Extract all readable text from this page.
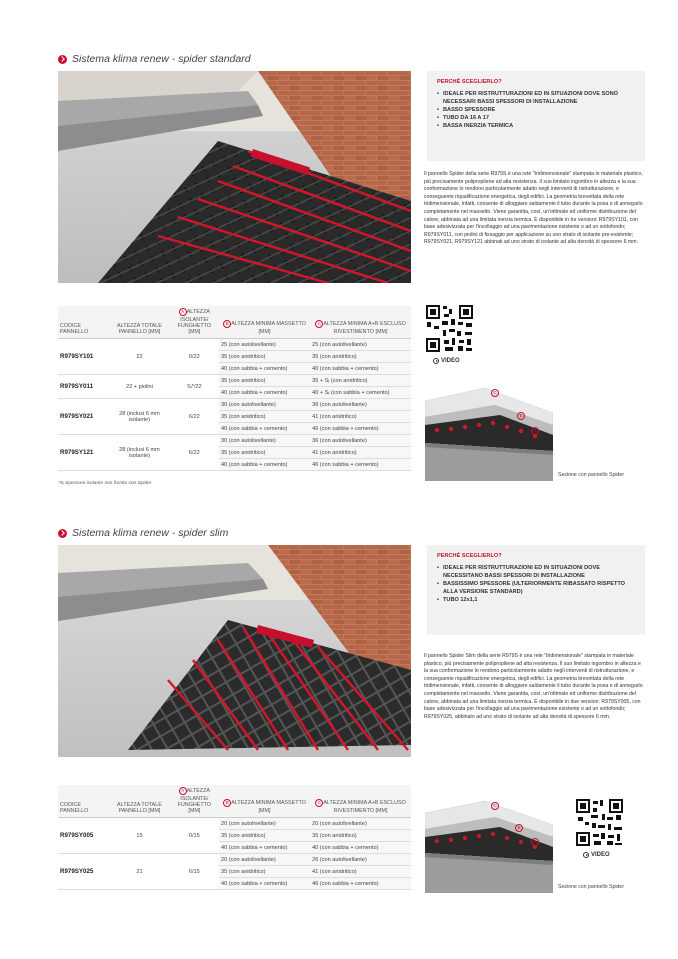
Sistema klima renew - spider standard
PERCHÉ SCEGLIERLO?
• IDEALE PER RISTRUTTURAZIONI ED IN SITUAZIONI DOVE SONO NECESSARI BASSI SPESSORI DI INSTALLAZIONE
• BASSO SPESSORE
• TUBO DA 16 A 17
• BASSA INERZIA TERMICA
Il pannello Spider della serie R979S è una rete "tridimensionale" stampata in materiale plastico, più precisamente polipropilene ad alta resistenza. Il suo limitato ingombro in altezza e la sua conformazione lo rendono particolarmente adatto negli interventi di ristrutturazione, e conseguente riqualificazione energetica, degli edifici. La geometria brevettata della rete tridimensionale, infatti, consente di alloggiare saldamente il tubo durante la posa e di annegarlo completamente nel massetto. Viene garantita, così, un'ottimale ed uniforme distribuzione del calore, abbinata ad una limitata inerzia termica. È disponibile in tre versioni: R979SY101, con base adesivizzata per l'incollaggio ad una pavimentazione esistente o ad un sottofondo; R979SY011, con piolini di fissaggio per applicazione su uno strato di isolante pre-esistente; R979SY021, R979SY121 abbinati ad uno strato di isolante ad alta densità di spessore 6 mm.
CODICE PANNELLO	ALTEZZA TOTALE PANNELLO [MM]	A ALTEZZA ISOLANTE/ FUNGHETTO [MM]	B ALTEZZA MINIMA MASSETTO [MM]	C ALTEZZA MINIMA A+B ESCLUSO RIVESTIMENTO [MM]
R979SY101	22	0/22	25 (con autolivellante)	25 (con autolivellante)
			35 (con anidritico)	35 (con anidritico)
			40 (con sabbia + cemento)	40 (con sabbia + cemento)
R979SY011	22 + piolini	Sᵢ*/22	35 (con anidritico)	35 + Sᵢ (con anidritico)
			40 (con sabbia + cemento)	40 + Sᵢ (con sabbia + cemento)
R979SY021	28 (inclusi 6 mm isolante)	6/22	30 (con autolivellante)	36 (con autolivellante)
			35 (con anidritico)	41 (con anidritico)
			40 (con sabbia + cemento)	46 (con sabbia + cemento)
R979SY121	28 (inclusi 6 mm isolante)	6/22	30 (con autolivellante)	36 (con autolivellante)
			35 (con anidritico)	41 (con anidritico)
			40 (con sabbia + cemento)	46 (con sabbia + cemento)
*Sᵢ Spessore isolante non fornito con Spider
VIDEO
C
B
A
Sezione con pannello Spider
Sistema klima renew - spider slim
PERCHÉ SCEGLIERLO?
• IDEALE PER RISTRUTTURAZIONI ED IN SITUAZIONI DOVE NECESSITANO BASSI SPESSORI DI INSTALLAZIONE
• BASSISSIMO SPESSORE (ULTERIORMENTE RIBASSATO RISPETTO ALLA VERSIONE STANDARD)
• TUBO 12x1,1
Il pannello Spider Slim della serie R979S è una rete "tridimensionale" stampata in materiale plastico, più precisamente polipropilene ad alta resistenza. Il suo limitato ingombro in altezza e la sua conformazione lo rendono particolarmente adatto negli interventi di ristrutturazione, e conseguente riqualificazione energetica, degli edifici. La geometria brevettata della rete tridimensionale, infatti, consente di alloggiare saldamente il tubo durante la posa e di annegarlo completamente nel massetto. Viene garantita, così, un'ottimale ed uniforme distribuzione del calore, abbinata ad una limitata inerzia termica. È disponibile in due versioni: R979SY005, con base adesivizzata per l'incollaggio ad una pavimentazione esistente o ad un sottofondo; R979SY025, abbinato ad uno strato di isolante ad alta densità di spessore 6 mm.
CODICE PANNELLO	ALTEZZA TOTALE PANNELLO [MM]	A ALTEZZA ISOLANTE/ FUNGHETTO [MM]	B ALTEZZA MINIMA MASSETTO [MM]	C ALTEZZA MINIMA A+B ESCLUSO RIVESTIMENTO [MM]
R979SY005	15	0/15	20 (con autolivellante)	20 (con autolivellante)
			35 (con anidritico)	35 (con anidritico)
			40 (con sabbia + cemento)	40 (con sabbia + cemento)
R979SY025	21	6/15	20 (con autolivellante)	26 (con autolivellante)
			35 (con anidritico)	41 (con anidritico)
			40 (con sabbia + cemento)	46 (con sabbia + cemento)
C
B
A
Sezione con pannello Spider
VIDEO
